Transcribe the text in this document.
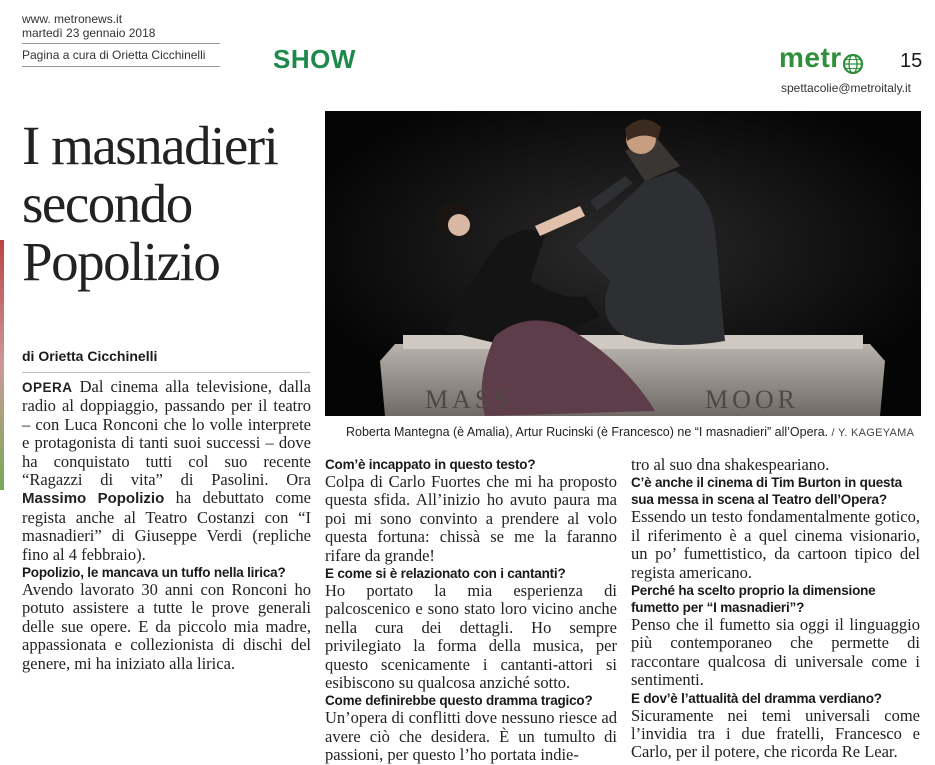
www. metronews.it
martedì 23 gennaio 2018
Pagina a cura di Orietta Cicchinelli	SHOW	metr	15
spettacolie@metroitaly.it
I masnadieri
secondo
Popolizio
di Orietta Cicchinelli

OPERA Dal cinema alla televisione, dalla radio al doppiaggio, passando per il teatro – con Luca Ronconi che lo volle interprete e protagonista di tanti suoi successi – dove ha conquistato tutti col suo recente “Ragazzi di vita” di Pasolini. Ora Massimo Popolizio ha debuttato come regista anche al Teatro Costanzi con “I masnadieri” di Giuseppe Verdi (repliche fino al 4 febbraio).

Popolizio, le mancava un tuffo nella lirica?

Avendo lavorato 30 anni con Ronconi ho potuto assistere a tutte le prove generali delle sue opere. E da piccolo mia madre, appassionata e collezionista di dischi del genere, mi ha iniziato alla lirica.

MASS	MOOR
Roberta Mantegna (è Amalia), Artur Rucinski (è Francesco) ne “I masnadieri” all’Opera. / Y. KAGEYAMA

Com’è incappato in questo testo?

Colpa di Carlo Fuortes che mi ha proposto questa sfida. All’inizio ho avuto paura ma poi mi sono convinto a prendere al volo questa fortuna: chissà se me la faranno rifare da grande!

E come si è relazionato con i cantanti?

Ho portato la mia esperienza di palcoscenico e sono stato loro vicino anche nella cura dei dettagli. Ho sempre privilegiato la forma della musica, per questo scenicamente i cantanti-attori si esibiscono su qualcosa anziché sotto.

Come definirebbe questo dramma tragico?

Un’opera di conflitti dove nessuno riesce ad avere ciò che desidera. È un tumulto di passioni, per questo l’ho portata indie-

tro al suo dna shakespeariano.

C’è anche il cinema di Tim Burton in questa sua messa in scena al Teatro dell’Opera?

Essendo un testo fondamentalmente gotico, il riferimento è a quel cinema visionario, un po’ fumettistico, da cartoon tipico del regista americano.

Perché ha scelto proprio la dimensione fumetto per “I masnadieri”?

Penso che il fumetto sia oggi il linguaggio più contemporaneo che permette di raccontare qualcosa di universale come i sentimenti.

E dov’è l’attualità del dramma verdiano?

Sicuramente nei temi universali come l’invidia tra i due fratelli, Francesco e Carlo, per il potere, che ricorda Re Lear.
